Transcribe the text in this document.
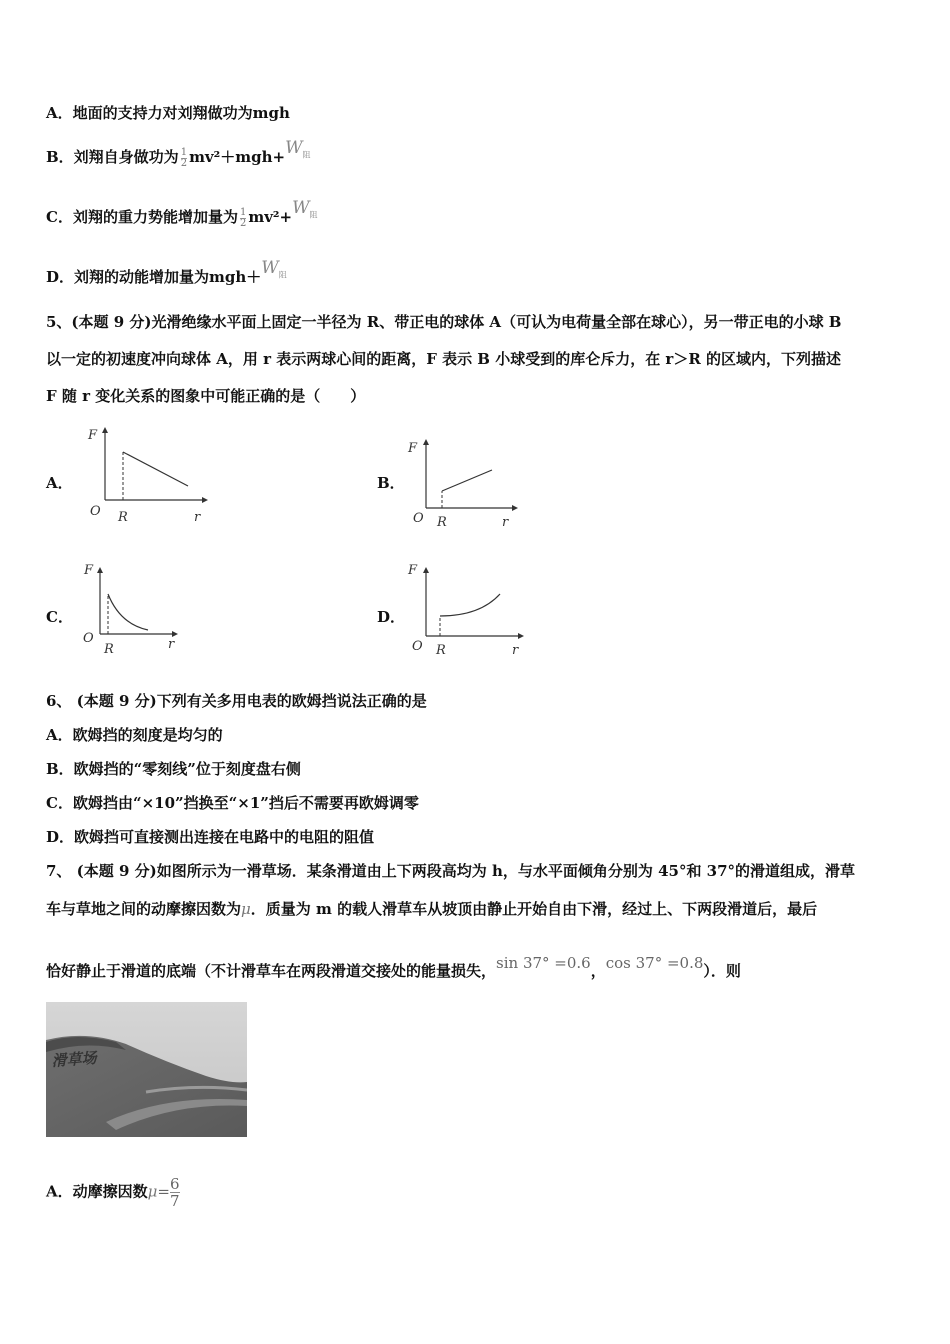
A．地面的支持力对刘翔做功为mgh
B．刘翔自身做功为 $\frac{1}{2} mv^2+mgh+W_阻$
C．刘翔的重力势能增加量为 $\frac{1}{2} mv^2+W_阻$
D．刘翔的动能增加量为$mgh+W_阻$
5、(本题 9 分)光滑绝缘水平面上固定一半径为 R、带正电的球体 A（可认为电荷量全部在球心），另一带正电的小球 B
以一定的初速度冲向球体 A，用 r 表示两球心间的距离，F 表示 B 小球受到的库仑斥力，在 r＞R 的区域内，下列描述
F 随 r 变化关系的图象中可能正确的是（　　）
A．	B．
C．	D．
F
O R	r
F
O R	r
F
O
R	r
F
O R	r
6、 (本题 9 分)下列有关多用电表的欧姆挡说法正确的是
A．欧姆挡的刻度是均匀的
B．欧姆挡的“零刻线”位于刻度盘右侧
C．欧姆挡由“×10”挡换至“×1”挡后不需要再欧姆调零
D．欧姆挡可直接测出连接在电路中的电阻的阻值
7、 (本题 9 分)如图所示为一滑草场．某条滑道由上下两段高均为 h，与水平面倾角分别为 45°和 37°的滑道组成，滑草
车与草地之间的动摩擦因数为μ．质量为 m 的载人滑草车从坡顶由静止开始自由下滑，经过上、下两段滑道后，最后
恰好静止于滑道的底端（不计滑草车在两段滑道交接处的能量损失，sin 37° =0.6，cos 37° =0.8）．则
滑草场
A．动摩擦因数$\mu=\frac{6}{7}$
